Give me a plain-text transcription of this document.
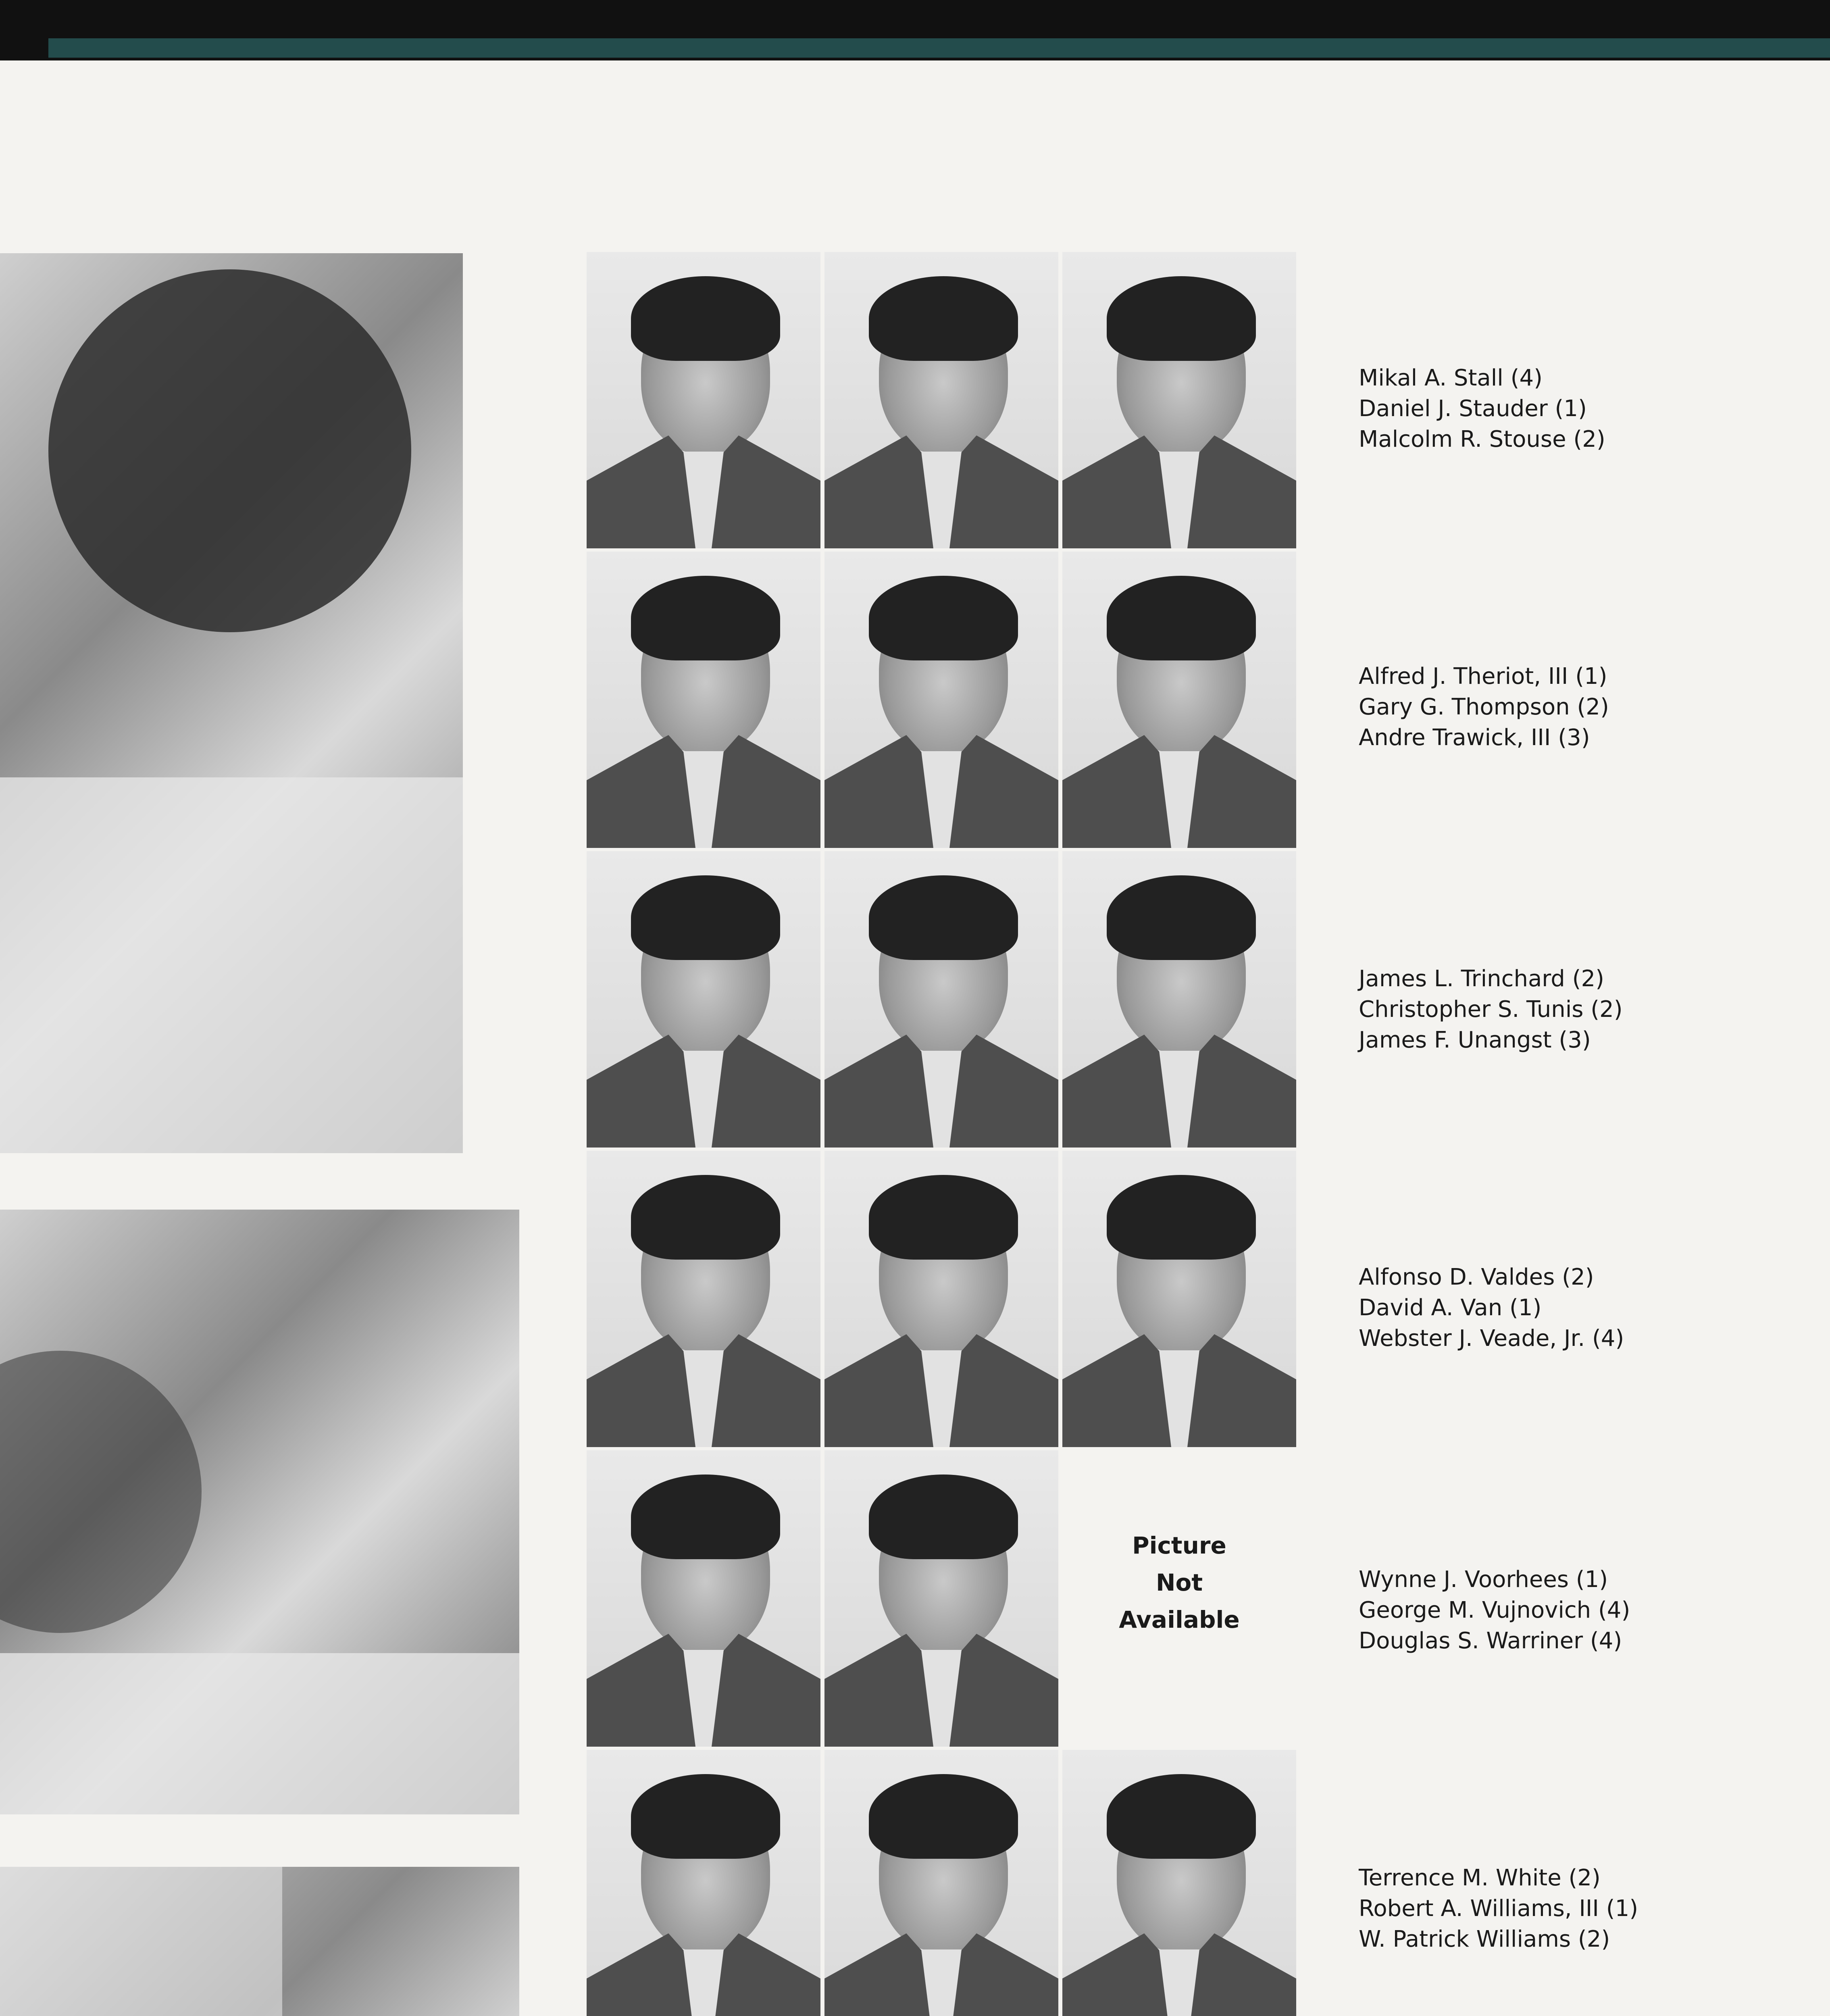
Picture
Not
Available
Mikal A. Stall (4)
Daniel J. Stauder (1)
Malcolm R. Stouse (2)
Alfred J. Theriot, III (1)
Gary G. Thompson (2)
Andre Trawick, III (3)
James L. Trinchard (2)
Christopher S. Tunis (2)
James F. Unangst (3)
Alfonso D. Valdes (2)
David A. Van (1)
Webster J. Veade, Jr. (4)
Wynne J. Voorhees (1)
George M. Vujnovich (4)
Douglas S. Warriner (4)
Terrence M. White (2)
Robert A. Williams, III (1)
W. Patrick Williams (2)
